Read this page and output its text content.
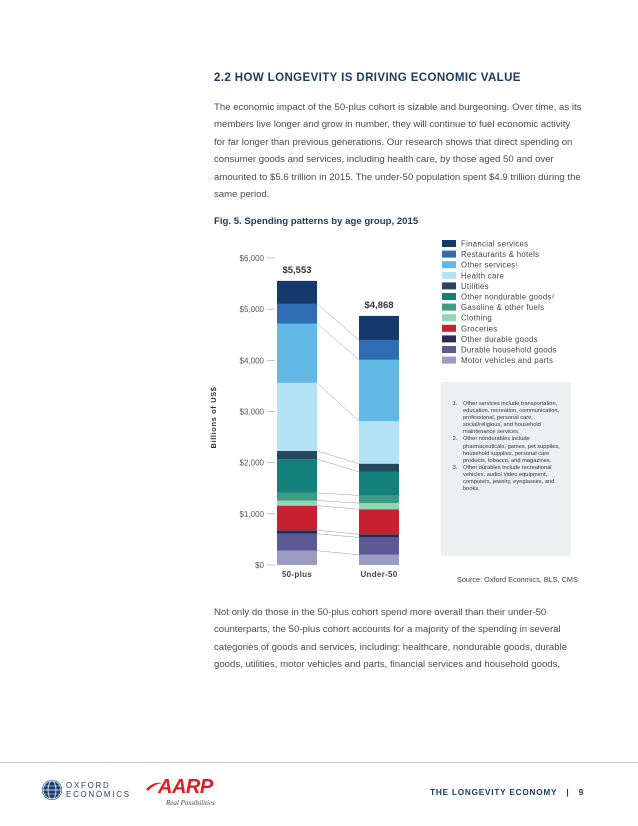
2.2 HOW LONGEVITY IS DRIVING ECONOMIC VALUE
The economic impact of the 50-plus cohort is sizable and burgeoning. Over time, as its members live longer and grow in number, they will continue to fuel economic activity for far longer than previous generations. Our research shows that direct spending on consumer goods and services, including health care, by those aged 50 and over amounted to $5.6 trillion in 2015. The under-50 population spent $4.9 trillion during the same period.
Fig. 5. Spending patterns by age group, 2015
$0
$1,000
$2,000
$3,000
$4,000
$5,000
$6,000
Billions of US$
$5,553
$4,868
50-plus	Under-50
Financial services
Restaurants & hotels
Other services$^1$
Health care
Utilities
Other nondurable goods$^2$
Gasoline & other fuels
Clothing
Groceries
Other durable goods
Durable household goods
Motor vehicles and parts
1. Other services include transportation, education, recreation, communication, professional, personal care, social/religious, and household maintenance services.
2. Other nondurables include pharmaceuticals, games, pet supplies, household supplies, personal care products, tobacco, and magazines.
3. Other durables include recreational vehicles, audio/ video equipment, computers, jewelry, eyeglasses, and books.
Source: Oxford Econmics, BLS, CMS
Not only do those in the 50-plus cohort spend more overall than their under-50 counterparts, the 50-plus cohort accounts for a majority of the spending in several categories of goods and services, including: healthcare, nondurable goods, durable goods, utilities, motor vehicles and parts, financial services and household goods.
OXFORD
ECONOMICS AARP
Real Possibilities
THE LONGEVITY ECONOMY   |   9
